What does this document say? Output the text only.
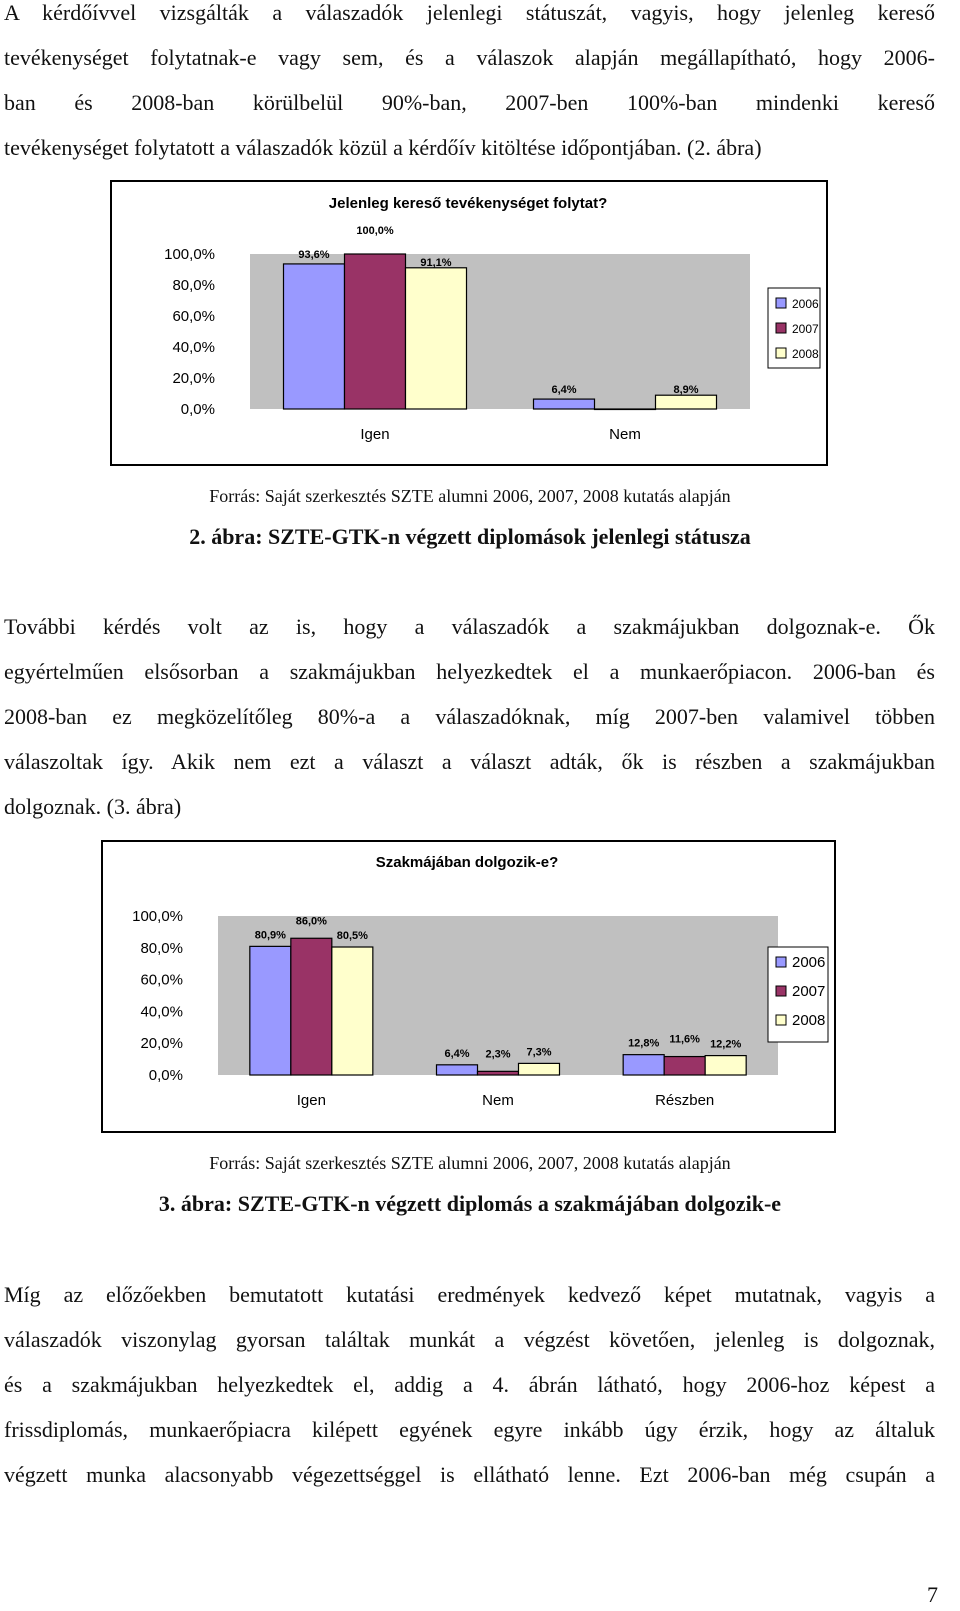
A kérdőívvel vizsgálták a válaszadók jelenlegi státuszát, vagyis, hogy jelenleg kereső
tevékenységet folytatnak-e vagy sem, és a válaszok alapján megállapítható, hogy 2006-
ban és 2008-ban körülbelül 90%-ban, 2007-ben 100%-ban mindenki kereső
tevékenységet folytatott a válaszadók közül a kérdőív kitöltése időpontjában. (2. ábra)
Jelenleg kereső tevékenységet folytat?
0,0%
20,0%
40,0%
60,0%
80,0%
100,0%	93,6%
100,0%
91,1%
Igen
6,4%	8,9%
Nem
2006
2007
2008
Forrás: Saját szerkesztés SZTE alumni 2006, 2007, 2008 kutatás alapján
2. ábra: SZTE-GTK-n végzett diplomások jelenlegi státusza
További kérdés volt az is, hogy a válaszadók a szakmájukban dolgoznak-e. Ők
egyértelműen elsősorban a szakmájukban helyezkedtek el a munkaerőpiacon. 2006-ban és
2008-ban ez megközelítőleg 80%-a a válaszadóknak, míg 2007-ben valamivel többen
válaszoltak így. Akik nem ezt a választ a választ adták, ők is részben a szakmájukban
dolgoznak. (3. ábra)
Szakmájában dolgozik-e?
0,0%
20,0%
40,0%
60,0%
80,0%
100,0%
80,9%
86,0%
80,5%
Igen
6,4% 2,3% 7,3%
Nem
12,8% 11,6% 12,2%
Részben
2006
2007
2008
Forrás: Saját szerkesztés SZTE alumni 2006, 2007, 2008 kutatás alapján
3. ábra: SZTE-GTK-n végzett diplomás a szakmájában dolgozik-e
Míg az előzőekben bemutatott kutatási eredmények kedvező képet mutatnak, vagyis a
válaszadók viszonylag gyorsan találtak munkát a végzést követően, jelenleg is dolgoznak,
és a szakmájukban helyezkedtek el, addig a 4. ábrán látható, hogy 2006-hoz képest a
frissdiplomás, munkaerőpiacra kilépett egyének egyre inkább úgy érzik, hogy az általuk
végzett munka alacsonyabb végezettséggel is ellátható lenne. Ezt 2006-ban még csupán a
7
